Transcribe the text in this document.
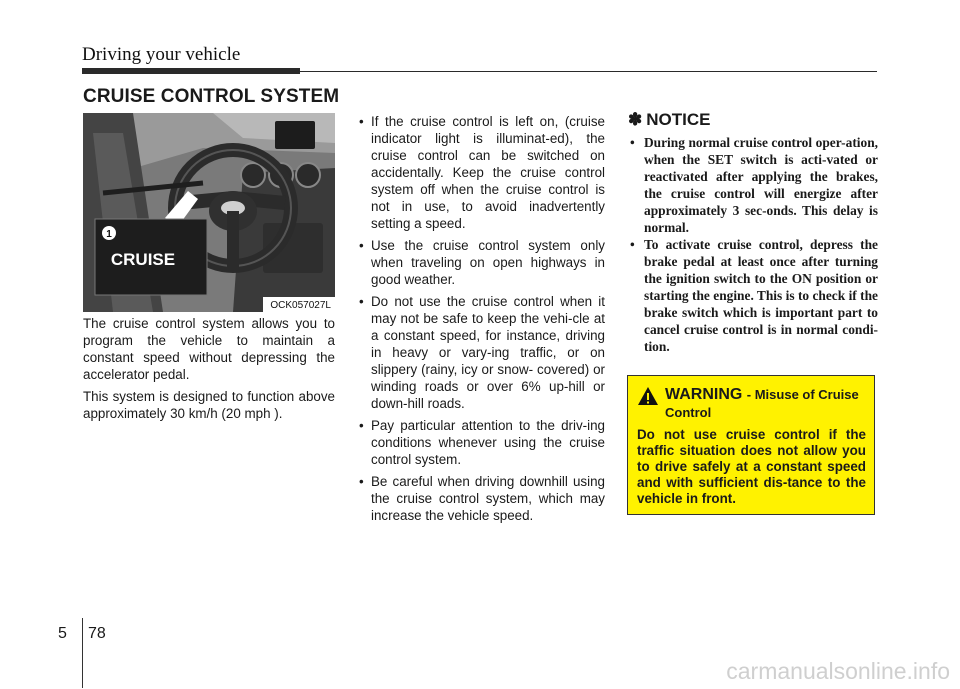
Driving your vehicle
CRUISE CONTROL SYSTEM
1
CRUISE
OCK057027L

The cruise control system allows you to program the vehicle to maintain a constant speed without depressing the accelerator pedal.

This system is designed to function above approximately 30 km/h (20 mph ).

• If the cruise control is left on, (cruise indicator light is illuminat-ed), the cruise control can be switched on accidentally. Keep the cruise control system off when the cruise control is not in use, to avoid inadvertently setting a speed.
• Use the cruise control system only when traveling on open highways in good weather.
• Do not use the cruise control when it may not be safe to keep the vehi-cle at a constant speed, for instance, driving in heavy or vary-ing traffic, or on slippery (rainy, icy or snow- covered) or winding roads or over 6% up-hill or down-hill roads.
• Pay particular attention to the driv-ing conditions whenever using the cruise control system.
• Be careful when driving downhill using the cruise control system, which may increase the vehicle speed.
✽ NOTICE
• During normal cruise control oper-ation, when the SET switch is acti-vated or reactivated after applying the brakes, the cruise control will energize after approximately 3 sec-onds. This delay is normal.
• To activate cruise control, depress the brake pedal at least once after turning the ignition switch to the ON position or starting the engine. This is to check if the brake switch which is important part to cancel cruise control is in normal condi-tion.
WARNING - Misuse of Cruise Control
Do not use cruise control if the traffic situation does not allow you to drive safely at a constant speed and with sufficient dis-tance to the vehicle in front.
5 78
carmanualsonline.info
